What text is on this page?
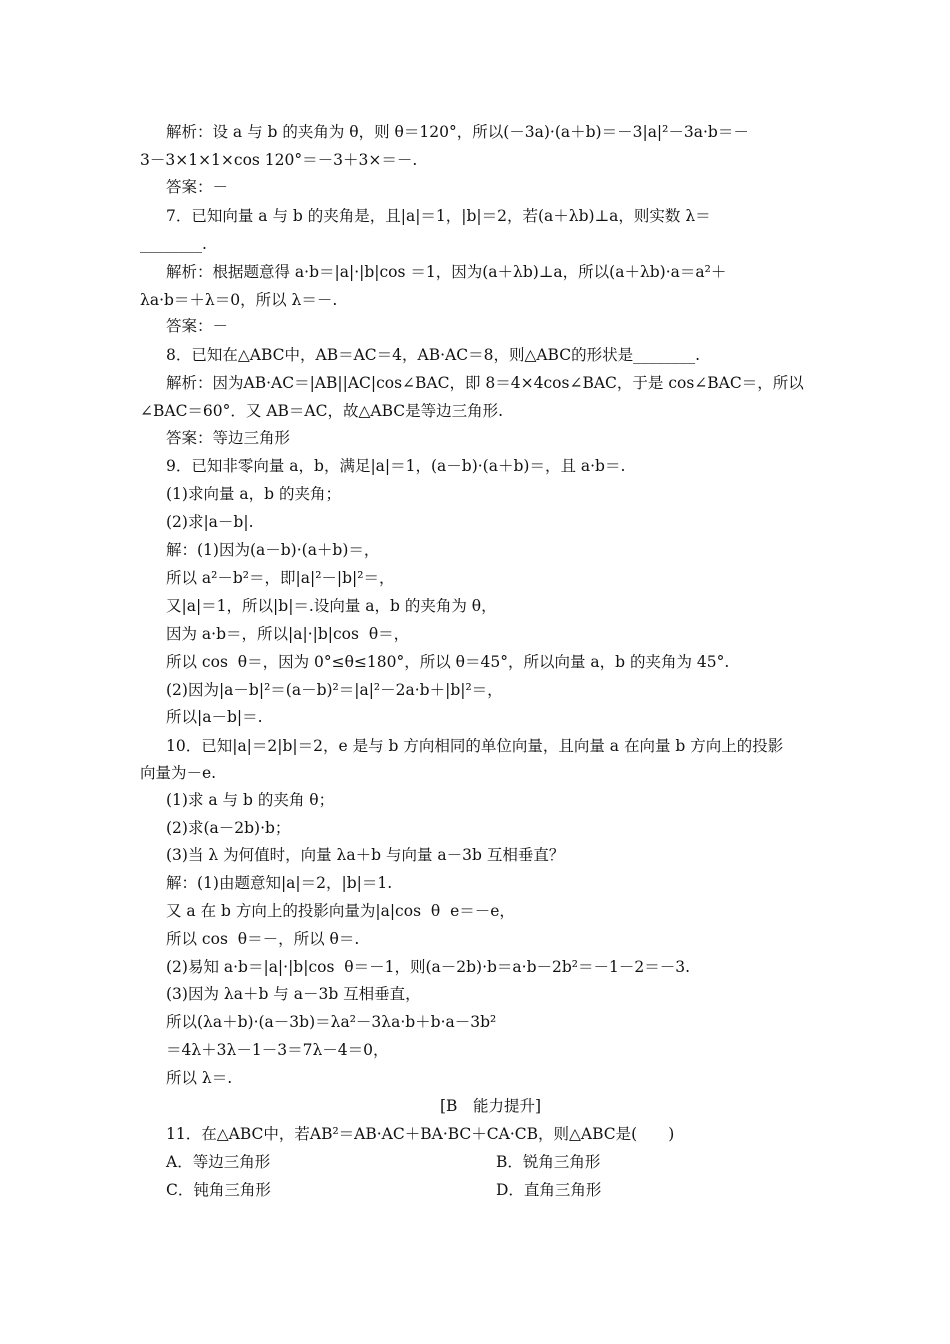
解析：设 a 与 b 的夹角为 θ，则 θ＝120°，所以(－3a)·(a＋b)＝－3|a|²－3a·b＝－
3－3×1×1×cos 120°＝－3＋3×＝－.
答案：－
7．已知向量 a 与 b 的夹角是，且|a|＝1，|b|＝2，若(a＋λb)⊥a，则实数 λ＝
________.
解析：根据题意得 a·b＝|a|·|b|cos ＝1，因为(a＋λb)⊥a，所以(a＋λb)·a＝a²＋
λa·b＝＋λ＝0，所以 λ＝－.
答案：－
8．已知在△ABC中，AB＝AC＝4，AB·AC＝8，则△ABC的形状是________.
解析：因为AB·AC＝|AB||AC|cos∠BAC，即 8＝4×4cos∠BAC，于是 cos∠BAC＝，所以
∠BAC＝60°．又 AB＝AC，故△ABC是等边三角形.
答案：等边三角形
9．已知非零向量 a，b，满足|a|＝1，(a－b)·(a＋b)＝，且 a·b＝.
(1)求向量 a，b 的夹角；
(2)求|a－b|.
解：(1)因为(a－b)·(a＋b)＝，
所以 a²－b²＝，即|a|²－|b|²＝，
又|a|＝1，所以|b|＝.设向量 a，b 的夹角为 θ，
因为 a·b＝，所以|a|·|b|cos  θ＝，
所以 cos  θ＝，因为 0°≤θ≤180°，所以 θ＝45°，所以向量 a，b 的夹角为 45°.
(2)因为|a－b|²＝(a－b)²＝|a|²－2a·b＋|b|²＝，
所以|a－b|＝.
10．已知|a|＝2|b|＝2，e 是与 b 方向相同的单位向量，且向量 a 在向量 b 方向上的投影
向量为－e.
(1)求 a 与 b 的夹角 θ；
(2)求(a－2b)·b；
(3)当 λ 为何值时，向量 λa＋b 与向量 a－3b 互相垂直？
解：(1)由题意知|a|＝2，|b|＝1.
又 a 在 b 方向上的投影向量为|a|cos  θ  e＝－e，
所以 cos  θ＝－，所以 θ＝.
(2)易知 a·b＝|a|·|b|cos  θ＝－1，则(a－2b)·b＝a·b－2b²＝－1－2＝－3.
(3)因为 λa＋b 与 a－3b 互相垂直，
所以(λa＋b)·(a－3b)＝λa²－3λa·b＋b·a－3b²
＝4λ＋3λ－1－3＝7λ－4＝0，
所以 λ＝.
[B　能力提升]
11．在△ABC中，若AB²＝AB·AC＋BA·BC＋CA·CB，则△ABC是(　　)
A．等边三角形	B．锐角三角形
C．钝角三角形	D．直角三角形
